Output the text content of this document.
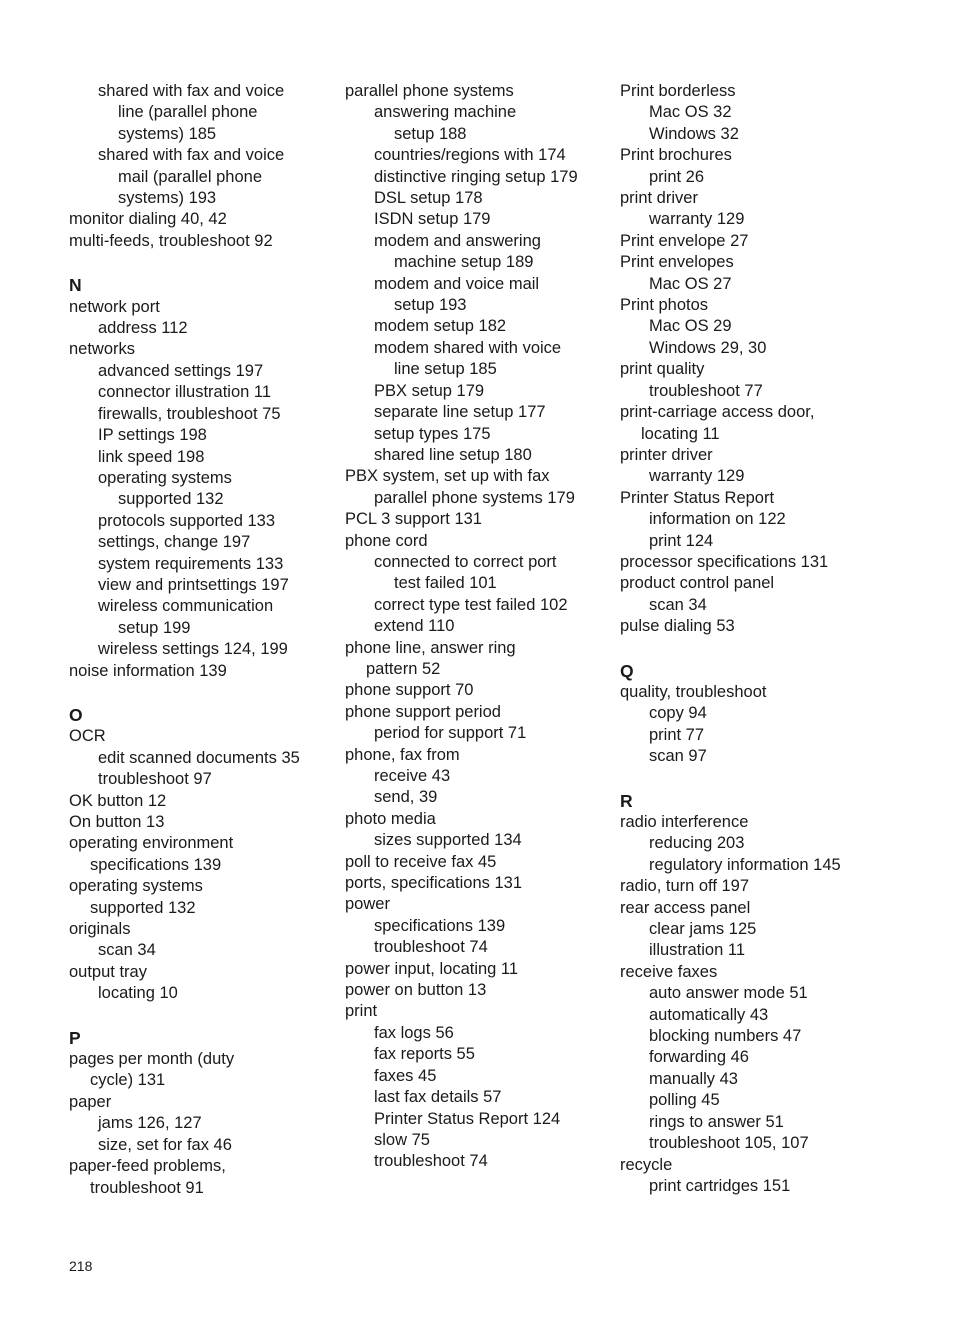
shared with fax and voice
line (parallel phone
systems) 185
shared with fax and voice
mail (parallel phone
systems) 193
monitor dialing 40, 42
multi-feeds, troubleshoot 92
N
network port
address 112
networks
advanced settings 197
connector illustration 11
firewalls, troubleshoot 75
IP settings 198
link speed 198
operating systems
supported 132
protocols supported 133
settings, change 197
system requirements 133
view and printsettings 197
wireless communication
setup 199
wireless settings 124, 199
noise information 139
O
OCR
edit scanned documents 35
troubleshoot 97
OK button 12
On button 13
operating environment
specifications 139
operating systems
supported 132
originals
scan 34
output tray
locating 10
P
pages per month (duty
cycle) 131
paper
jams 126, 127
size, set for fax 46
paper-feed problems,
troubleshoot 91
parallel phone systems
answering machine
setup 188
countries/regions with 174
distinctive ringing setup 179
DSL setup 178
ISDN setup 179
modem and answering
machine setup 189
modem and voice mail
setup 193
modem setup 182
modem shared with voice
line setup 185
PBX setup 179
separate line setup 177
setup types 175
shared line setup 180
PBX system, set up with fax
parallel phone systems 179
PCL 3 support 131
phone cord
connected to correct port
test failed 101
correct type test failed 102
extend 110
phone line, answer ring
pattern 52
phone support 70
phone support period
period for support 71
phone, fax from
receive 43
send, 39
photo media
sizes supported 134
poll to receive fax 45
ports, specifications 131
power
specifications 139
troubleshoot 74
power input, locating 11
power on button 13
print
fax logs 56
fax reports 55
faxes 45
last fax details 57
Printer Status Report 124
slow 75
troubleshoot 74
Print borderless
Mac OS 32
Windows 32
Print brochures
print 26
print driver
warranty 129
Print envelope 27
Print envelopes
Mac OS 27
Print photos
Mac OS 29
Windows 29, 30
print quality
troubleshoot 77
print-carriage access door,
locating 11
printer driver
warranty 129
Printer Status Report
information on 122
print 124
processor specifications 131
product control panel
scan 34
pulse dialing 53
Q
quality, troubleshoot
copy 94
print 77
scan 97
R
radio interference
reducing 203
regulatory information 145
radio, turn off 197
rear access panel
clear jams 125
illustration 11
receive faxes
auto answer mode 51
automatically 43
blocking numbers 47
forwarding 46
manually 43
polling 45
rings to answer 51
troubleshoot 105, 107
recycle
print cartridges 151
218
